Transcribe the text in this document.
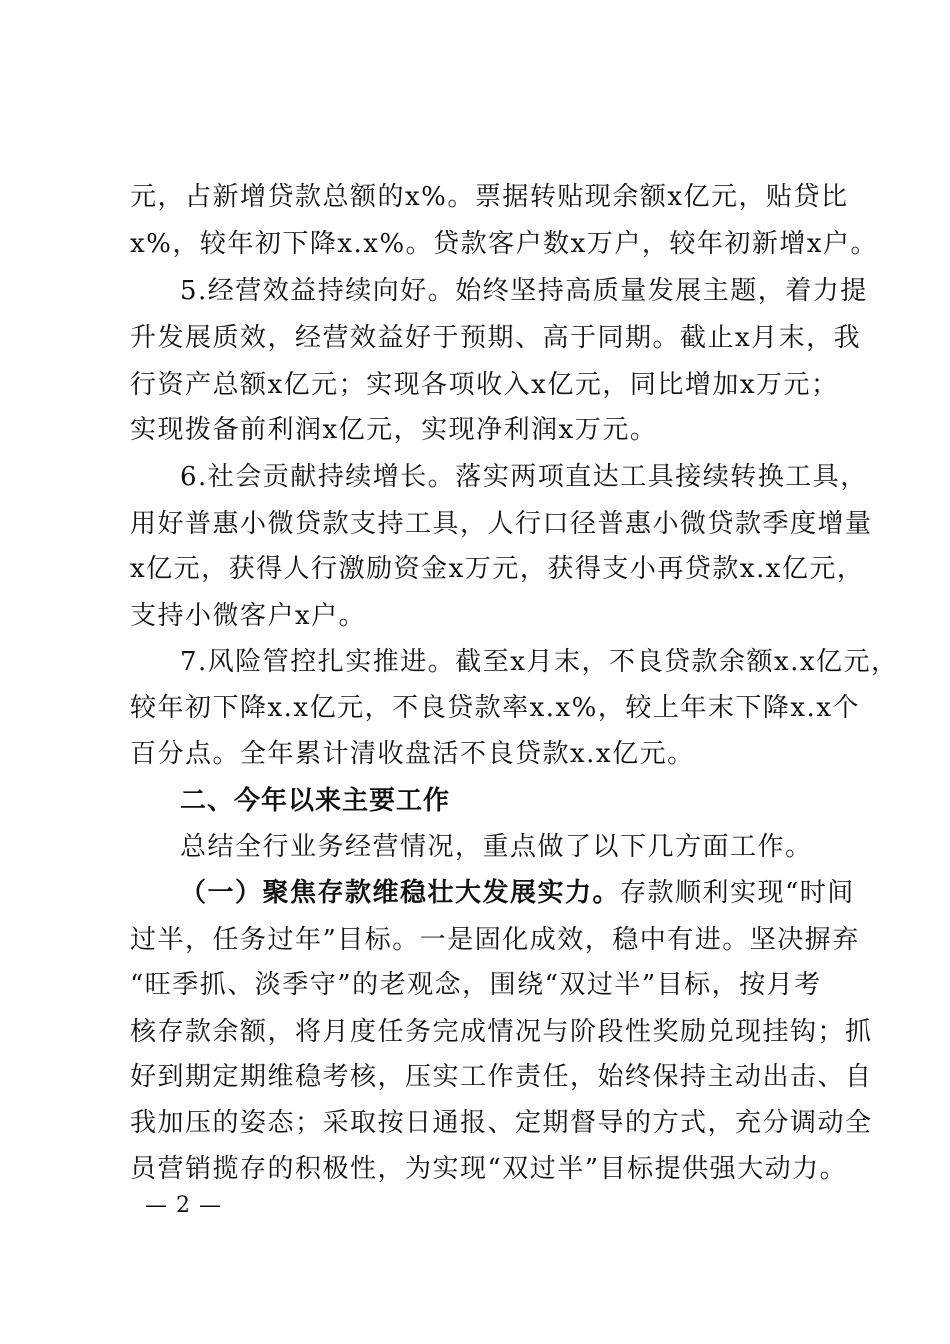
元，占新增贷款总额的x%。票据转贴现余额x亿元，贴贷比
x%，较年初下降x.x%。贷款客户数x万户，较年初新增x户。
5.经营效益持续向好。始终坚持高质量发展主题，着力提
升发展质效，经营效益好于预期、高于同期。截止x月末，我
行资产总额x亿元；实现各项收入x亿元，同比增加x万元；
实现拨备前利润x亿元，实现净利润x万元。
6.社会贡献持续增长。落实两项直达工具接续转换工具，
用好普惠小微贷款支持工具，人行口径普惠小微贷款季度增量
x亿元，获得人行激励资金x万元，获得支小再贷款x.x亿元，
支持小微客户x户。
7.风险管控扎实推进。截至x月末，不良贷款余额x.x亿元，
较年初下降x.x亿元，不良贷款率x.x%，较上年末下降x.x个
百分点。全年累计清收盘活不良贷款x.x亿元。
二、今年以来主要工作
总结全行业务经营情况，重点做了以下几方面工作。
（一）聚焦存款维稳壮大发展实力。存款顺利实现“时间
过半，任务过年”目标。一是固化成效，稳中有进。坚决摒弃
“旺季抓、淡季守”的老观念，围绕“双过半”目标，按月考
核存款余额，将月度任务完成情况与阶段性奖励兑现挂钩；抓
好到期定期维稳考核，压实工作责任，始终保持主动出击、自
我加压的姿态；采取按日通报、定期督导的方式，充分调动全
员营销揽存的积极性，为实现“双过半”目标提供强大动力。
— 2 —
